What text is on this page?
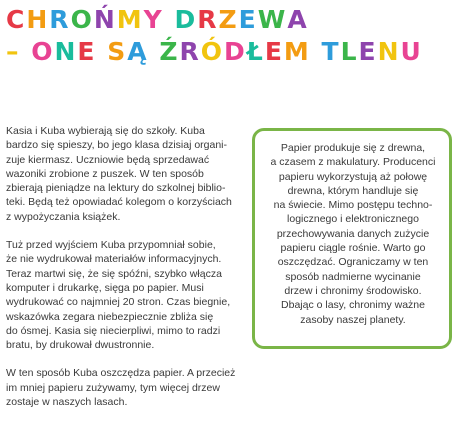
CHROŃMY DRZEWA
– ONE SĄ ŹRÓDŁEM TLENU

Kasia i Kuba wybierają się do szkoły. Kuba
bardzo się spieszy, bo jego klasa dzisiaj organi-
zuje kiermasz. Uczniowie będą sprzedawać
wazoniki zrobione z puszek. W ten sposób
zbierają pieniądze na lektury do szkolnej biblio-
teki. Będą też opowiadać kolegom o korzyściach
z wypożyczania książek.

Tuż przed wyjściem Kuba przypomniał sobie,
że nie wydrukował materiałów informacyjnych.
Teraz martwi się, że się spóźni, szybko włącza
komputer i drukarkę, sięga po papier. Musi
wydrukować co najmniej 20 stron. Czas biegnie,
wskazówka zegara niebezpiecznie zbliża się
do ósmej. Kasia się niecierpliwi, mimo to radzi
bratu, by drukował dwustronnie.

W ten sposób Kuba oszczędza papier. A przecież
im mniej papieru zużywamy, tym więcej drzew
zostaje w naszych lasach.

Papier produkuje się z drewna,
a czasem z makulatury. Producenci
papieru wykorzystują aż połowę
drewna, którym handluje się
na świecie. Mimo postępu techno-
logicznego i elektronicznego
przechowywania danych zużycie
papieru ciągle rośnie. Warto go
oszczędzać. Ograniczamy w ten
sposób nadmierne wycinanie
drzew i chronimy środowisko.
Dbając o lasy, chronimy ważne
zasoby naszej planety.
